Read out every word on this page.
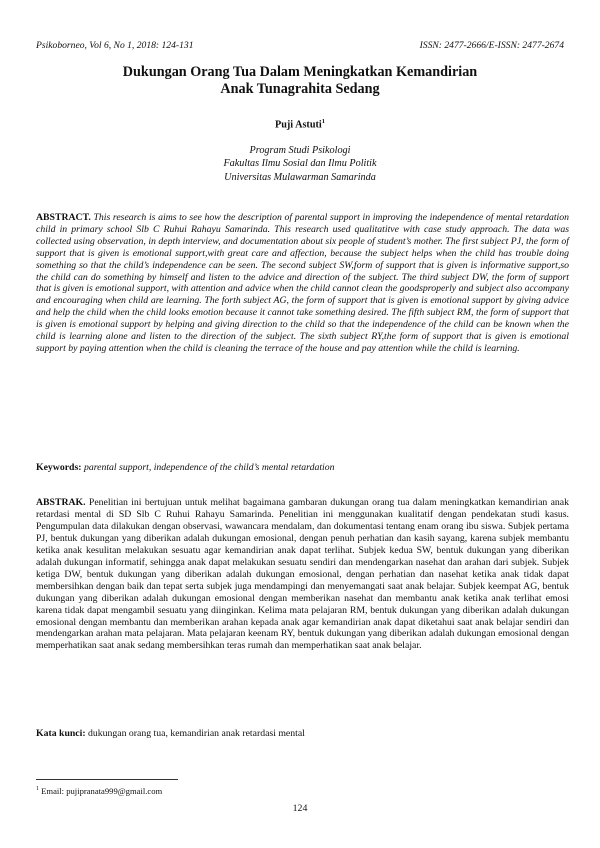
Psikoborneo, Vol 6, No 1, 2018: 124-131	ISSN: 2477-2666/E-ISSN: 2477-2674
Dukungan Orang Tua Dalam Meningkatkan Kemandirian
Anak Tunagrahita Sedang
Puji Astuti$^1$
Program Studi Psikologi
Fakultas Ilmu Sosial dan Ilmu Politik
Universitas Mulawarman Samarinda
ABSTRACT. This research is aims to see how the description of parental support in improving the independence of mental retardation child in primary school Slb C Ruhui Rahayu Samarinda. This research used qualitatitve with case study approach. The data was collected using observation, in depth interview, and documentation about six people of student’s mother. The first subject PJ, the form of support that is given is emotional support,with great care and affection, because the subject helps when the child has trouble doing something so that the child’s independence can be seen. The second subject SW,form of support that is given is informative support,so the child can do something by himself and listen to the advice and direction of the subject. The third subject DW, the form of support that is given is emotional support, with attention and advice when the child cannot clean the goodsproperly and subject also accompany and encouraging when child are learning. The forth subject AG, the form of support that is given is emotional support by giving advice and help the child when the child looks emotion because it cannot take something desired. The fifth subject RM, the form of support that is given is emotional support by helping and giving direction to the child so that the independence of the child can be known when the child is learning alone and listen to the direction of the subject. The sixth subject RY,the form of support that is given is emotional support by paying attention when the child is cleaning the terrace of the house and pay attention while the child is learning.
Keywords: parental support, independence of the child’s mental retardation
ABSTRAK. Penelitian ini bertujuan untuk melihat bagaimana gambaran dukungan orang tua dalam meningkatkan kemandirian anak retardasi mental di SD Slb C Ruhui Rahayu Samarinda. Penelitian ini menggunakan kualitatif dengan pendekatan studi kasus. Pengumpulan data dilakukan dengan observasi, wawancara mendalam, dan dokumentasi tentang enam orang ibu siswa. Subjek pertama PJ, bentuk dukungan yang diberikan adalah dukungan emosional, dengan penuh perhatian dan kasih sayang, karena subjek membantu ketika anak kesulitan melakukan sesuatu agar kemandirian anak dapat terlihat. Subjek kedua SW, bentuk dukungan yang diberikan adalah dukungan informatif, sehingga anak dapat melakukan sesuatu sendiri dan mendengarkan nasehat dan arahan dari subjek. Subjek ketiga DW, bentuk dukungan yang diberikan adalah dukungan emosional, dengan perhatian dan nasehat ketika anak tidak dapat membersihkan dengan baik dan tepat serta subjek juga mendampingi dan menyemangati saat anak belajar. Subjek keempat AG, bentuk dukungan yang diberikan adalah dukungan emosional dengan memberikan nasehat dan membantu anak ketika anak terlihat emosi karena tidak dapat mengambil sesuatu yang diinginkan. Kelima mata pelajaran RM, bentuk dukungan yang diberikan adalah dukungan emosional dengan membantu dan memberikan arahan kepada anak agar kemandirian anak dapat diketahui saat anak belajar sendiri dan mendengarkan arahan mata pelajaran. Mata pelajaran keenam RY, bentuk dukungan yang diberikan adalah dukungan emosional dengan memperhatikan saat anak sedang membersihkan teras rumah dan memperhatikan saat anak belajar.
Kata kunci: dukungan orang tua, kemandirian anak retardasi mental
$^1$ Email: pujipranata999@gmail.com
124
